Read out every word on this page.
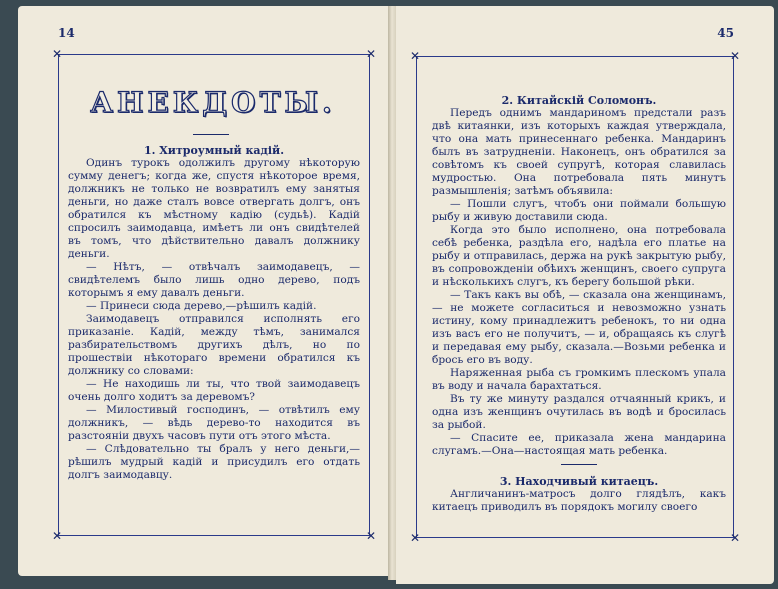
14
✕	✕
✕	✕
АНЕКДОТЫ.

1. Хитроумный кадій.

Одинъ турокъ одолжилъ другому нѣкоторую сумму денегъ; когда же, спустя нѣкоторое время, должникъ не только не возвратилъ ему занятыя деньги, но даже сталъ вовсе отвергать долгъ, онъ обратился къ мѣстному кадію (судьѣ). Кадій спросилъ заимодавца, имѣетъ ли онъ свидѣтелей въ томъ, что дѣйствительно давалъ должнику деньги.

— Нѣтъ, — отвѣчалъ заимодавецъ, — свидѣтелемъ было лишь одно дерево, подъ которымъ я ему давалъ деньги.

— Принеси сюда дерево,—рѣшилъ кадій.

Заимодавецъ отправился исполнять его приказаніе. Кадій, между тѣмъ, занимался разбирательствомъ другихъ дѣлъ, но по прошествіи нѣкотораго времени обратился къ должнику со словами:

— Не находишь ли ты, что твой заимодавецъ очень долго ходитъ за деревомъ?

— Милостивый господинъ, — отвѣтилъ ему должникъ, — вѣдь дерево-то находится въ разстояніи двухъ часовъ пути отъ этого мѣста.

— Слѣдовательно ты бралъ у него деньги,— рѣшилъ мудрый кадій и присудилъ его отдать долгъ заимодавцу.

45
✕	✕
✕	✕

2. Китайскій Соломонъ.

Передъ однимъ мандариномъ предстали разъ двѣ китаянки, изъ которыхъ каждая утверждала, что она мать принесеннаго ребенка. Мандаринъ былъ въ затрудненіи. Наконецъ, онъ обратился за совѣтомъ къ своей супругѣ, которая славилась мудростью. Она потребовала пять минутъ размышленія; затѣмъ объявила:

— Пошли слугъ, чтобъ они поймали большую рыбу и живую доставили сюда.

Когда это было исполнено, она потребовала себѣ ребенка, раздѣла его, надѣла его платье на рыбу и отправилась, держа на рукѣ закрытую рыбу, въ сопровожденіи обѣихъ женщинъ, своего супруга и нѣсколькихъ слугъ, къ берегу большой рѣки.

— Такъ какъ вы обѣ, — сказала она женщинамъ, — не можете согласиться и невозможно узнать истину, кому принадлежитъ ребенокъ, то ни одна изъ васъ его не получитъ, — и, обращаясь къ слугѣ и передавая ему рыбу, сказала.—Возьми ребенка и брось его въ воду.

Наряженная рыба съ громкимъ плескомъ упала въ воду и начала барахтаться.

Въ ту же минуту раздался отчаянный крикъ, и одна изъ женщинъ очутилась въ водѣ и бросилась за рыбой.

— Спасите ее, приказала жена мандарина слугамъ.—Она—настоящая мать ребенка.

3. Находчивый китаецъ.

Англичанинъ-матросъ долго глядѣлъ, какъ китаецъ приводилъ въ порядокъ могилу своего
